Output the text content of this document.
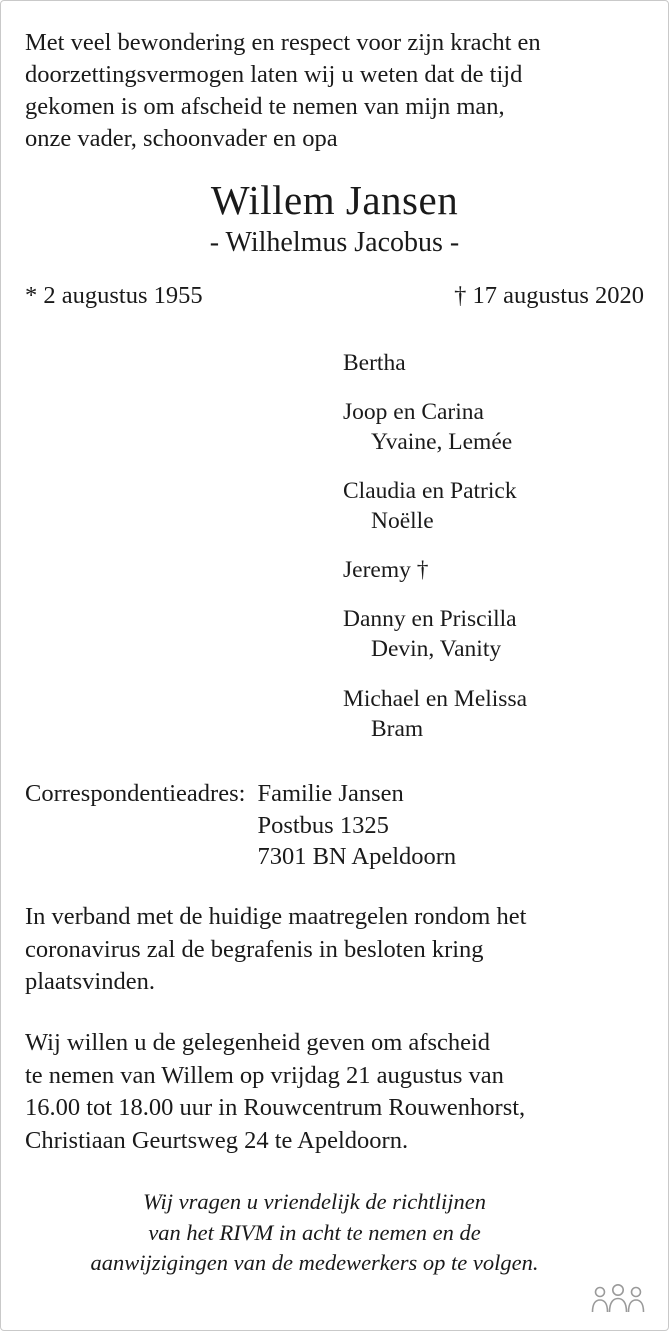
Met veel bewondering en respect voor zijn kracht en
doorzettingsvermogen laten wij u weten dat de tijd
gekomen is om afscheid te nemen van mijn man,
onze vader, schoonvader en opa
Willem Jansen
- Wilhelmus Jacobus -
* 2 augustus 1955	† 17 augustus 2020
Bertha
Joop en Carina
Yvaine, Lemée
Claudia en Patrick
Noëlle
Jeremy †
Danny en Priscilla
Devin, Vanity
Michael en Melissa
Bram
Correspondentieadres: Familie Jansen
Postbus 1325
7301 BN Apeldoorn
In verband met de huidige maatregelen rondom het
coronavirus zal de begrafenis in besloten kring
plaatsvinden.
Wij willen u de gelegenheid geven om afscheid
te nemen van Willem op vrijdag 21 augustus van
16.00 tot 18.00 uur in Rouwcentrum Rouwenhorst,
Christiaan Geurtsweg 24 te Apeldoorn.
Wij vragen u vriendelijk de richtlijnen
van het RIVM in acht te nemen en de
aanwijzigingen van de medewerkers op te volgen.
